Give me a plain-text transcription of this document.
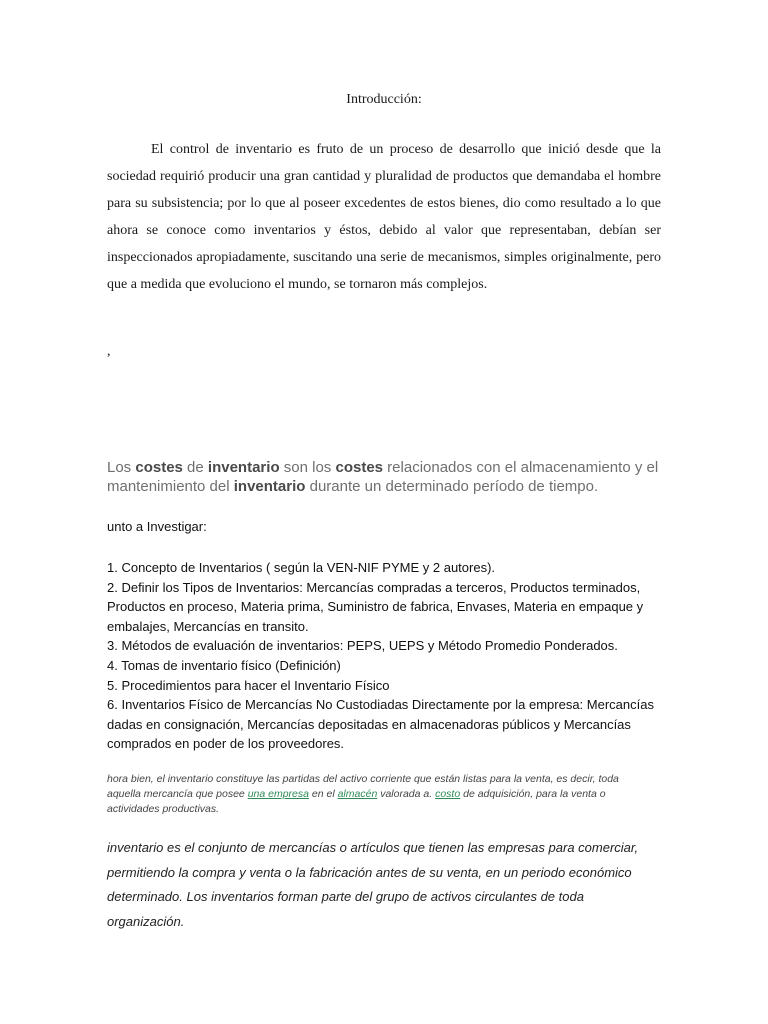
Introducción:

El control de inventario es fruto de un proceso de desarrollo que inició desde que la sociedad requirió producir una gran cantidad y pluralidad de productos que demandaba el hombre para su subsistencia; por lo que al poseer excedentes de estos bienes, dio como resultado a lo que ahora se conoce como inventarios y éstos, debido al valor que representaban, debían ser inspeccionados apropiadamente, suscitando una serie de mecanismos, simples originalmente, pero que a medida que evoluciono el mundo, se tornaron más complejos.

,

Los costes de inventario son los costes relacionados con el almacenamiento y el mantenimiento del inventario durante un determinado período de tiempo.

unto a Investigar:
1. Concepto de Inventarios ( según la VEN-NIF PYME y 2 autores).
2. Definir los Tipos de Inventarios: Mercancías compradas a terceros, Productos terminados, Productos en proceso, Materia prima, Suministro de fabrica, Envases, Materia en empaque y embalajes, Mercancías en transito.
3. Métodos de evaluación de inventarios: PEPS, UEPS y Método Promedio Ponderados.
4. Tomas de inventario físico (Definición)
5. Procedimientos para hacer el Inventario Físico
6. Inventarios Físico de Mercancías No Custodiadas Directamente por la empresa: Mercancías dadas en consignación, Mercancías depositadas en almacenadoras públicos y Mercancías comprados en poder de los proveedores.

hora bien, el inventario constituye las partidas del activo corriente que están listas para la venta, es decir, toda aquella mercancía que posee una empresa en el almacén valorada a. costo de adquisición, para la venta o actividades productivas.

inventario es el conjunto de mercancías o artículos que tienen las empresas para comerciar, permitiendo la compra y venta o la fabricación antes de su venta, en un periodo económico determinado. Los inventarios forman parte del grupo de activos circulantes de toda organización.
